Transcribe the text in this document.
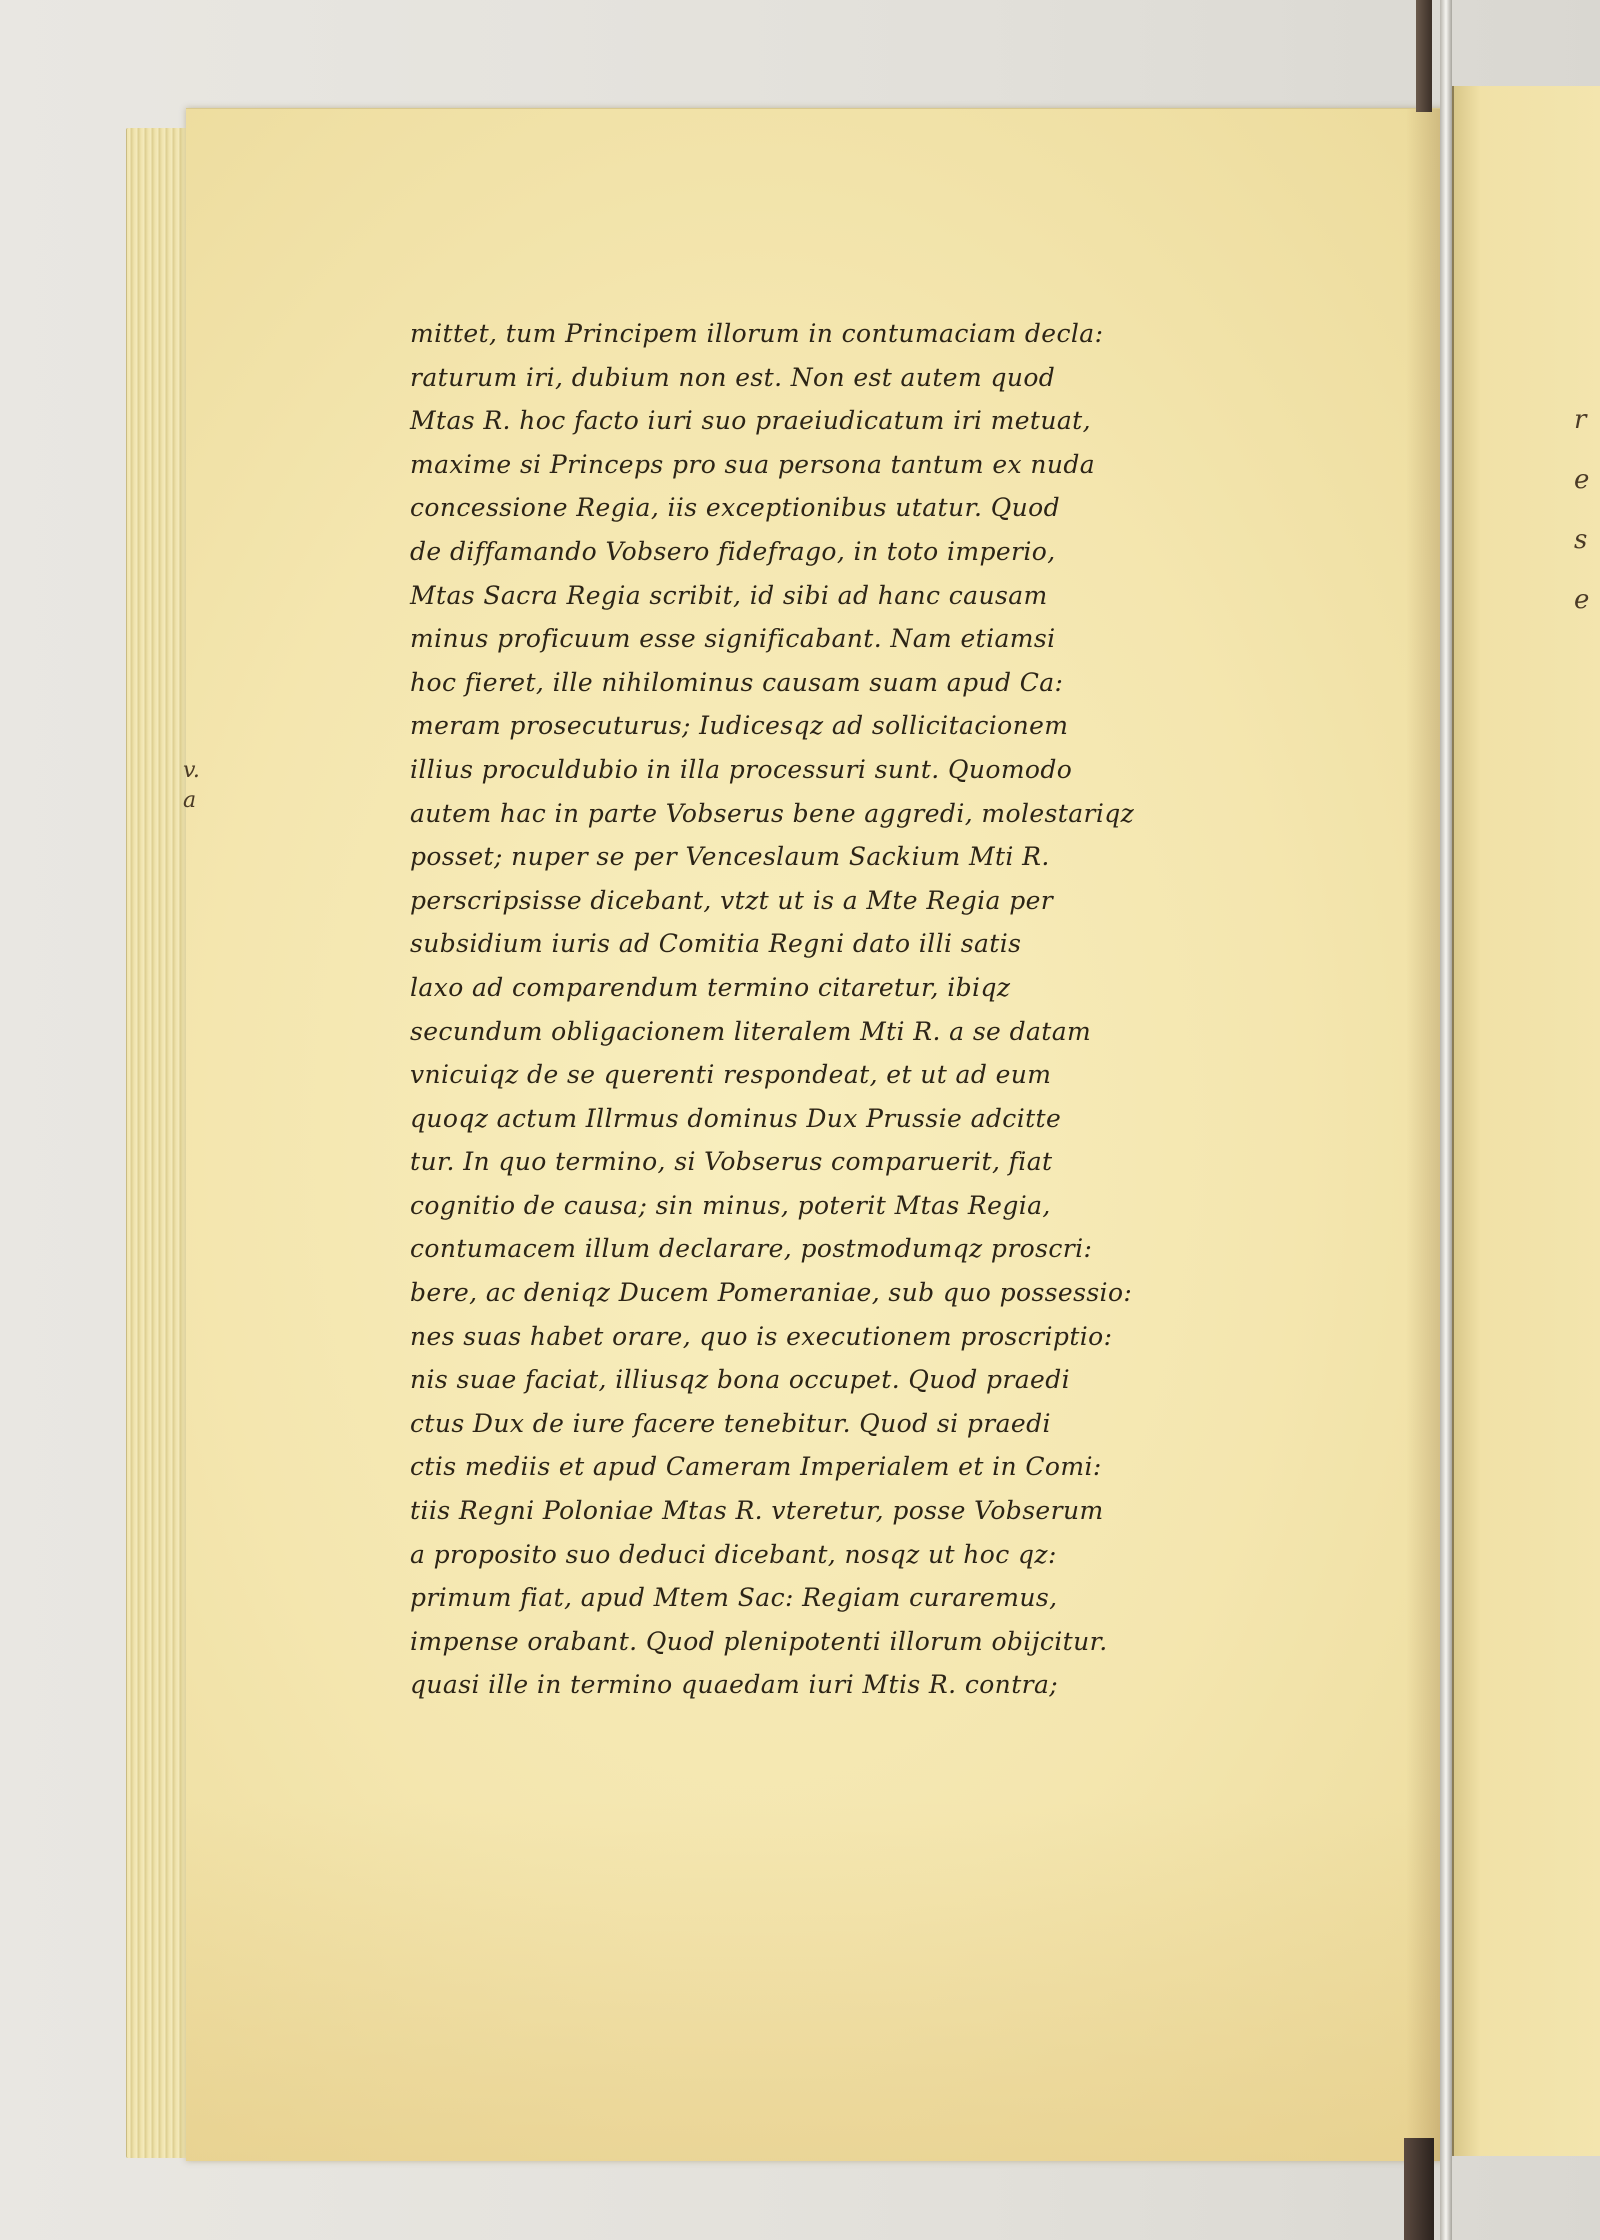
v.
a
mittet, tum Principem illorum in contumaciam decla:
raturum iri, dubium non est. Non est autem quod
Mtas R. hoc facto iuri suo praeiudicatum iri metuat,
maxime si Princeps pro sua persona tantum ex nuda
concessione Regia, iis exceptionibus utatur. Quod
de diffamando Vobsero fidefrago, in toto imperio,
Mtas Sacra Regia scribit, id sibi ad hanc causam
minus proficuum esse significabant. Nam etiamsi
hoc fieret, ille nihilominus causam suam apud Ca:
meram prosecuturus; Iudicesqz ad sollicitacionem
illius proculdubio in illa processuri sunt. Quomodo
autem hac in parte Vobserus bene aggredi, molestariqz
posset; nuper se per Venceslaum Sackium Mti R.
perscripsisse dicebant, vtzt ut is a Mte Regia per
subsidium iuris ad Comitia Regni dato illi satis
laxo ad comparendum termino citaretur, ibiqz
secundum obligacionem literalem Mti R. a se datam
vnicuiqz de se querenti respondeat, et ut ad eum
quoqz actum Illrmus dominus Dux Prussie adcitte
tur. In quo termino, si Vobserus comparuerit, fiat
cognitio de causa; sin minus, poterit Mtas Regia,
contumacem illum declarare, postmodumqz proscri:
bere, ac deniqz Ducem Pomeraniae, sub quo possessio:
nes suas habet orare, quo is executionem proscriptio:
nis suae faciat, illiusqz bona occupet. Quod praedi
ctus Dux de iure facere tenebitur. Quod si praedi
ctis mediis et apud Cameram Imperialem et in Comi:
tiis Regni Poloniae Mtas R. vteretur, posse Vobserum
a proposito suo deduci dicebant, nosqz ut hoc qz:
primum fiat, apud Mtem Sac: Regiam curaremus,
impense orabant. Quod plenipotenti illorum obijcitur.
quasi ille in termino quaedam iuri Mtis R. contra;
r
e
s
e
